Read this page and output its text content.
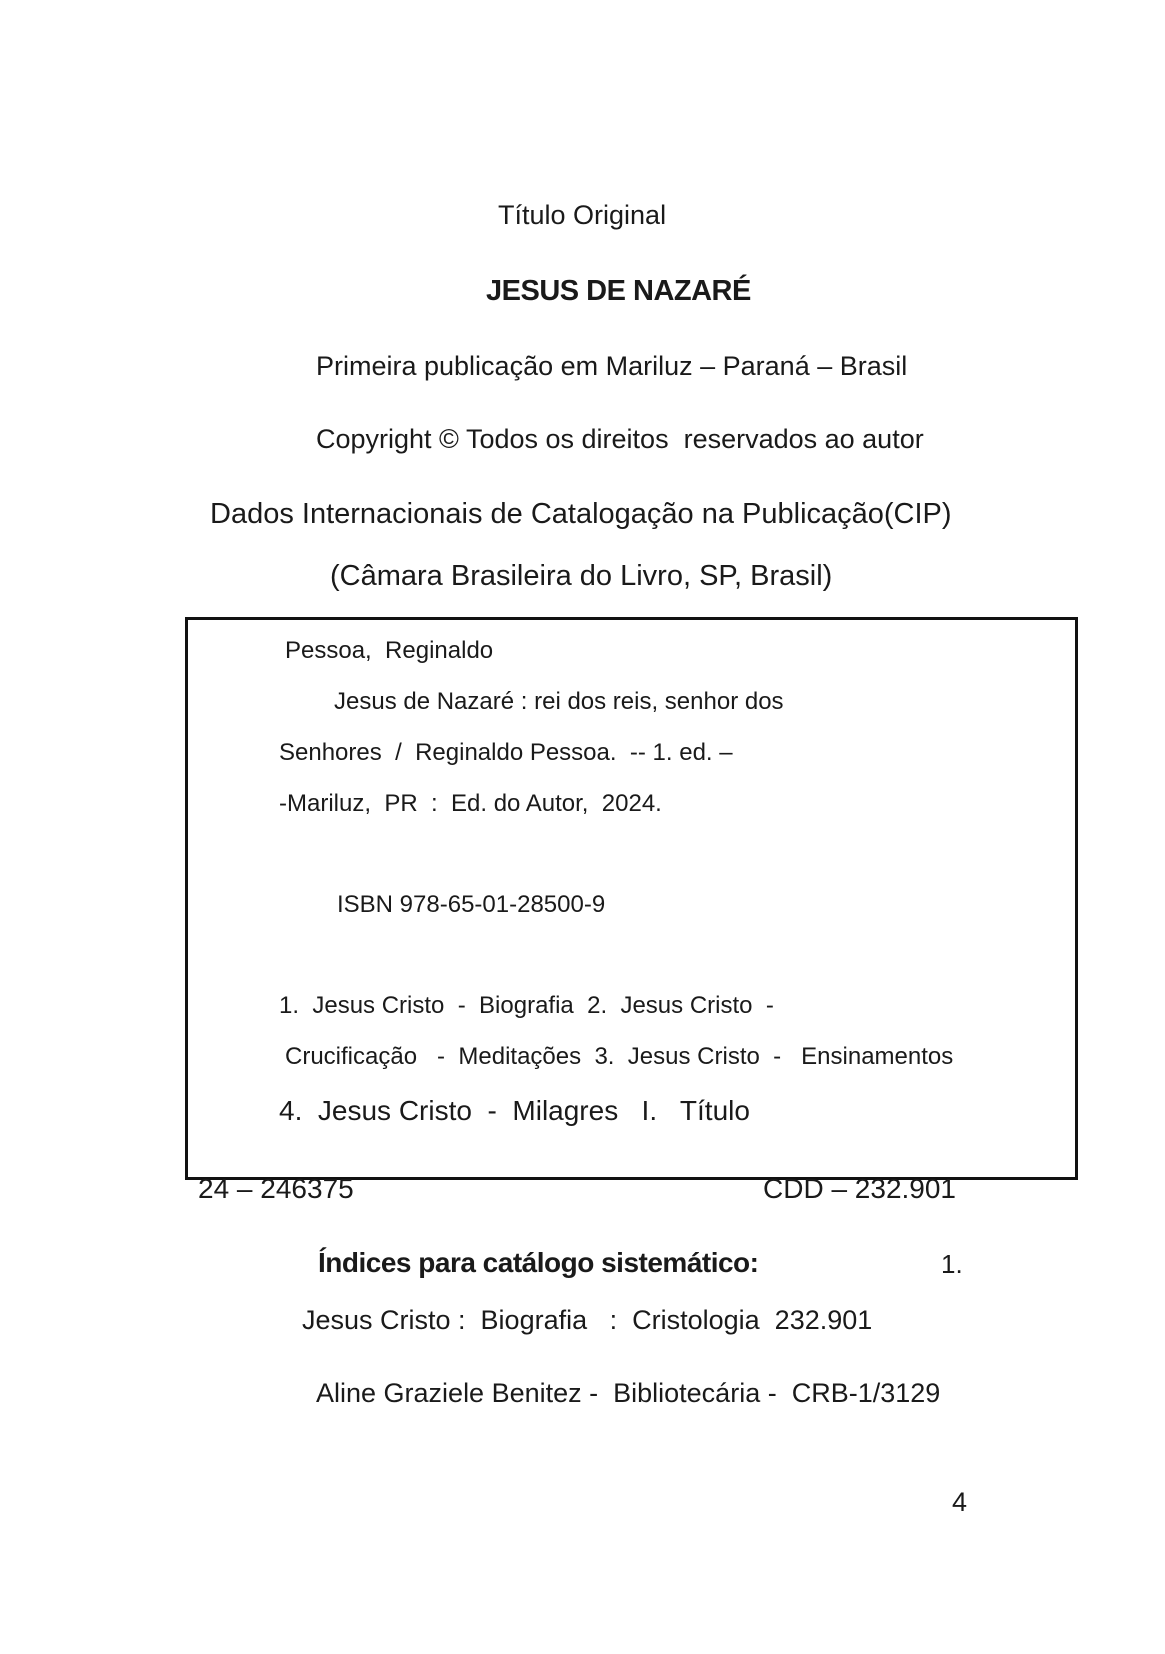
Título Original
JESUS DE NAZARÉ
Primeira publicação em Mariluz – Paraná – Brasil
Copyright © Todos os direitos  reservados ao autor
Dados Internacionais de Catalogação na Publicação(CIP)
(Câmara Brasileira do Livro, SP, Brasil)
Pessoa,  Reginaldo
Jesus de Nazaré : rei dos reis, senhor dos
Senhores  /  Reginaldo Pessoa.  -- 1. ed. –
-Mariluz,  PR  :  Ed. do Autor,  2024.
ISBN 978-65-01-28500-9
1.  Jesus Cristo  -  Biografia  2.  Jesus Cristo  -
Crucificação   -  Meditações  3.  Jesus Cristo  -   Ensinamentos
4.  Jesus Cristo  -  Milagres   I.   Título
24 – 246375	CDD – 232.901
Índices para catálogo sistemático:	1.
Jesus Cristo :  Biografia   :  Cristologia  232.901
Aline Graziele Benitez -  Bibliotecária -  CRB-1/3129
4
